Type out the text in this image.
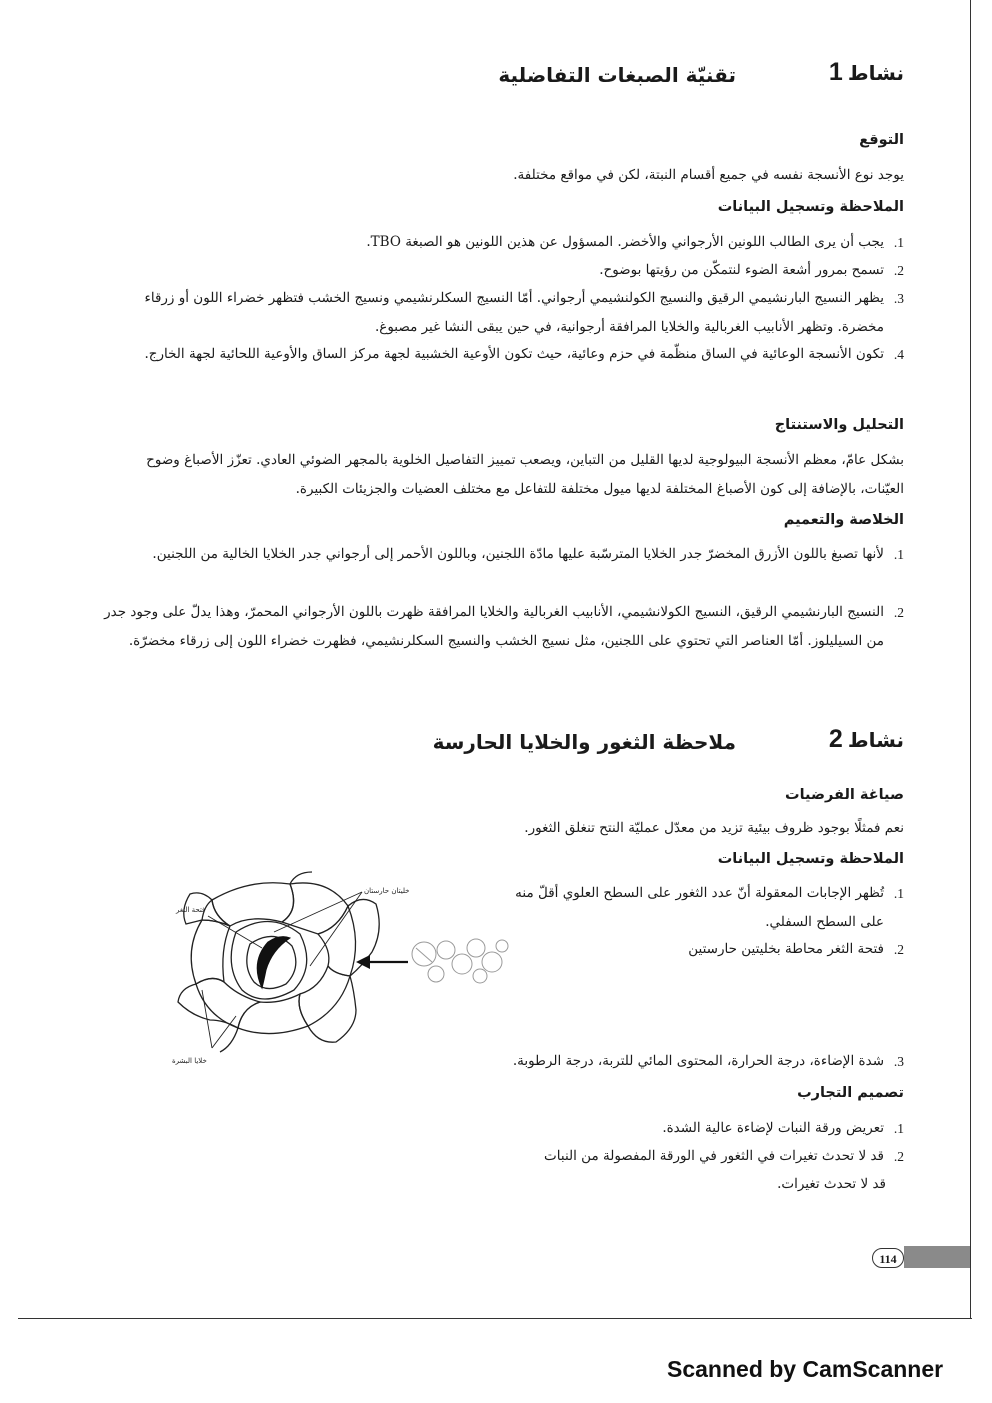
نشاط 1
تقنيّة الصبغات التفاضلية
التوقع
يوجد نوع الأنسجة نفسه في جميع أقسام النبتة، لكن في مواقع مختلفة.
الملاحظة وتسجيل البيانات
1.
يجب أن يرى الطالب اللونين الأرجواني والأخضر. المسؤول عن هذين اللونين هو الصبغة TBO.
2.
تسمح بمرور أشعة الضوء لنتمكّن من رؤيتها بوضوح.
3.
يظهر النسيج البارنشيمي الرقيق والنسيج الكولنشيمي أرجواني. أمّا النسيج السكلرنشيمي ونسيج الخشب فتظهر خضراء اللون أو زرقاء مخضرة. وتظهر الأنابيب الغربالية والخلايا المرافقة أرجوانية، في حين يبقى النشا غير مصبوغ.
4.
تكون الأنسجة الوعائية في الساق منظّمة في حزم وعائية، حيث تكون الأوعية الخشبية لجهة مركز الساق والأوعية اللحائية لجهة الخارج.
التحليل والاستنتاج
بشكل عامّ، معظم الأنسجة البيولوجية لديها القليل من التباين، ويصعب تمييز التفاصيل الخلوية بالمجهر الضوئي العادي. تعزّز الأصباغ وضوح العيّنات، بالإضافة إلى كون الأصباغ المختلفة لديها ميول مختلفة للتفاعل مع مختلف العضيات والجزيئات الكبيرة.
الخلاصة والتعميم
1.
لأنها تصبغ باللون الأزرق المخضرّ جدر الخلايا المترسّبة عليها مادّة اللجنين، وباللون الأحمر إلى أرجواني جدر الخلايا الخالية من اللجنين.
2.
النسيج البارنشيمي الرقيق، النسيج الكولانشيمي، الأنابيب الغربالية والخلايا المرافقة ظهرت باللون الأرجواني المحمرّ، وهذا يدلّ على وجود جدر من السيليلوز. أمّا العناصر التي تحتوي على اللجنين، مثل نسيج الخشب والنسيج السكلرنشيمي، فظهرت خضراء اللون إلى زرقاء مخضرّة.
نشاط 2
ملاحظة الثغور والخلايا الحارسة
صياغة الفرضيات
نعم فمثلًا بوجود ظروف بيئية تزيد من معدّل عمليّة النتح تنغلق الثغور.
الملاحظة وتسجيل البيانات
1.
تُظهر الإجابات المعقولة أنّ عدد الثغور على السطح العلوي أقلّ منه على السطح السفلي.
2.
فتحة الثغر محاطة بخليتين حارستين
خليتان حارستان
فتحة الثغر
خلايا البشرة	3.
شدة الإضاءة، درجة الحرارة، المحتوى المائي للتربة، درجة الرطوبة.
تصميم التجارب
1.
تعريض ورقة النبات لإضاءة عالية الشدة.
2.
قد لا تحدث تغيرات في الثغور في الورقة المفصولة من النبات
قد لا تحدث تغيرات.
114
Scanned by CamScanner
